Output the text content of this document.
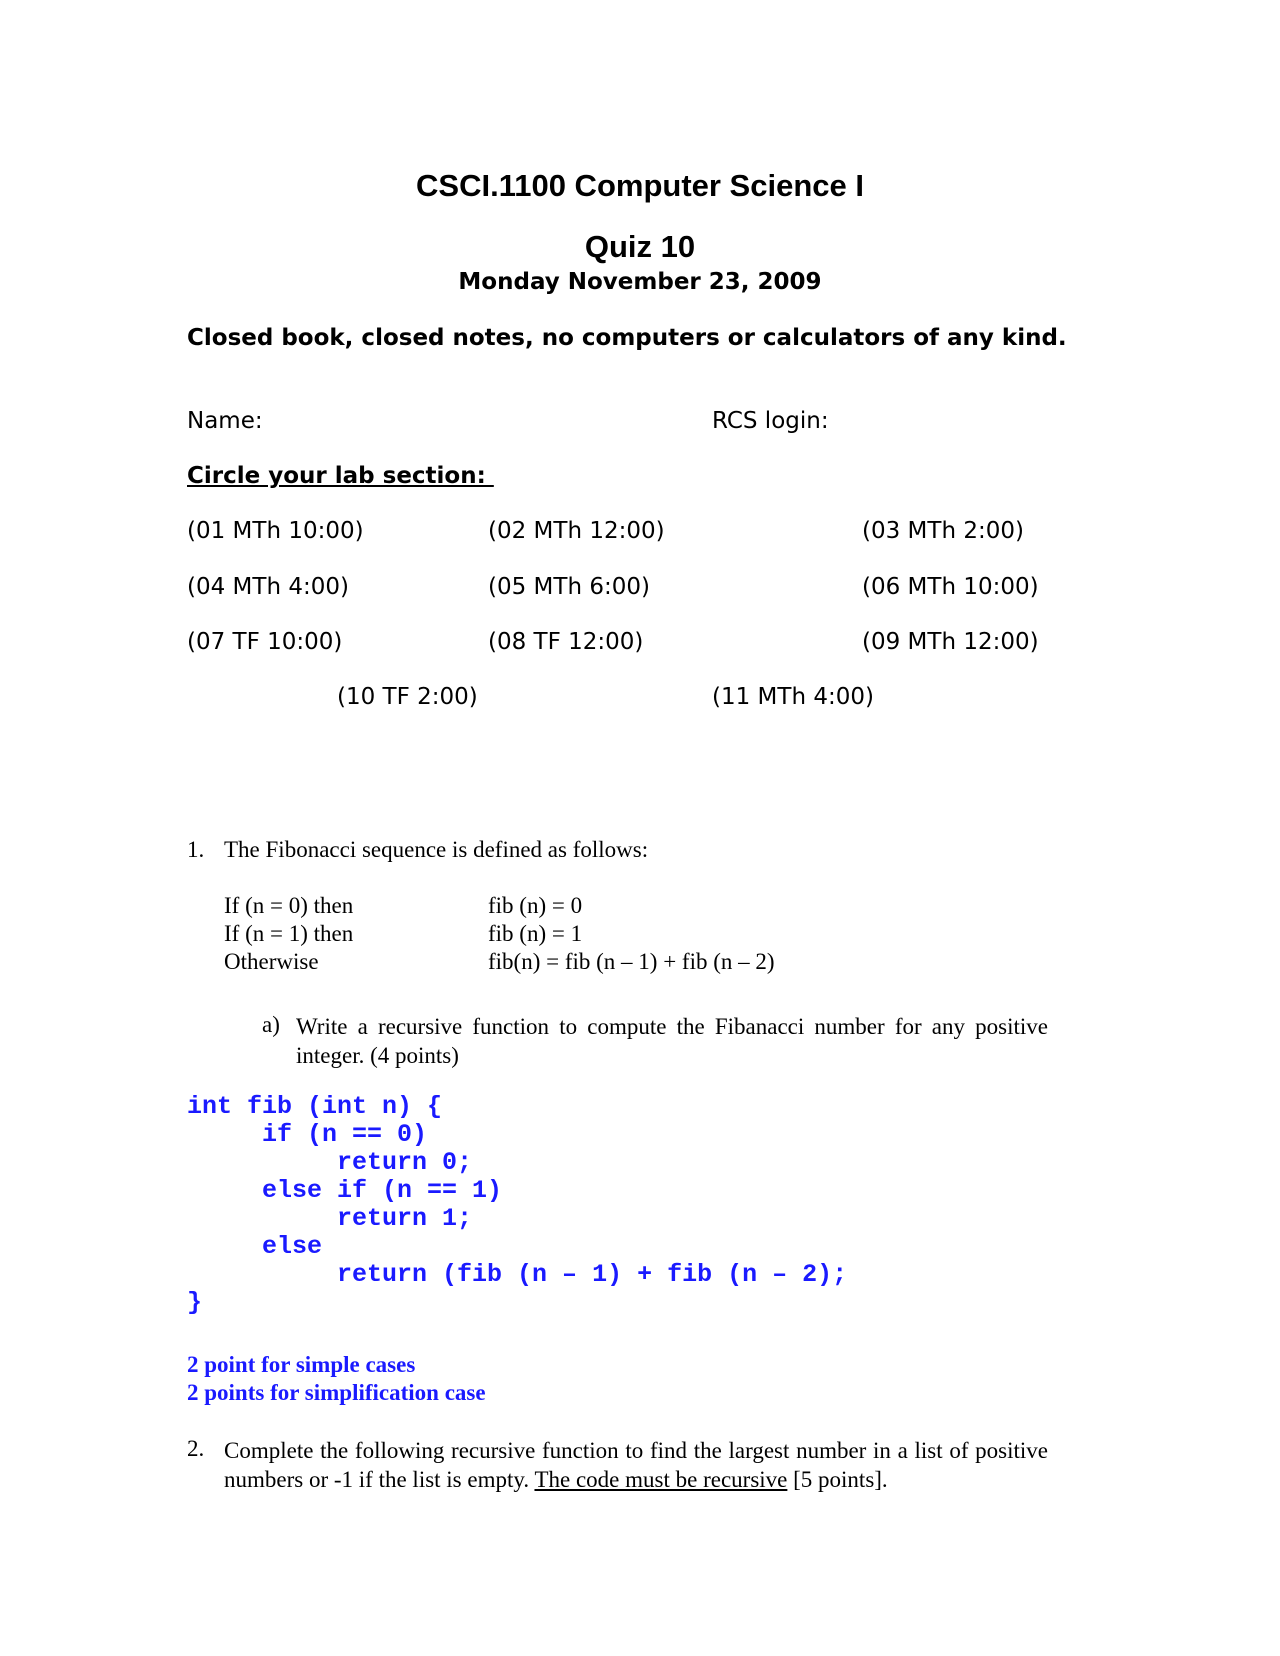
CSCI.1100 Computer Science I
Quiz 10
Monday November 23, 2009
Closed book, closed notes, no computers or calculators of any kind.
Name:	RCS login:
Circle your lab section:
(01 MTh 10:00)	(02 MTh 12:00)	(03 MTh 2:00)
(04 MTh 4:00)	(05 MTh 6:00)	(06 MTh 10:00)
(07 TF 10:00)	(08 TF 12:00)	(09 MTh 12:00)
(10 TF 2:00)	(11 MTh 4:00)
1. The Fibonacci sequence is defined as follows:
If (n = 0) then	fib (n) = 0
If (n = 1) then	fib (n) = 1
Otherwise	fib(n) = fib (n – 1) + fib (n – 2)
a) Write a recursive function to compute the Fibanacci number for any positive integer. (4 points)
int fib (int n) {
if (n == 0)
return 0;
else if (n == 1)
return 1;
else
return (fib (n – 1) + fib (n – 2);
}
2 point for simple cases
2 points for simplification case
2. Complete the following recursive function to find the largest number in a list of positive numbers or -1 if the list is empty. The code must be recursive [5 points].
